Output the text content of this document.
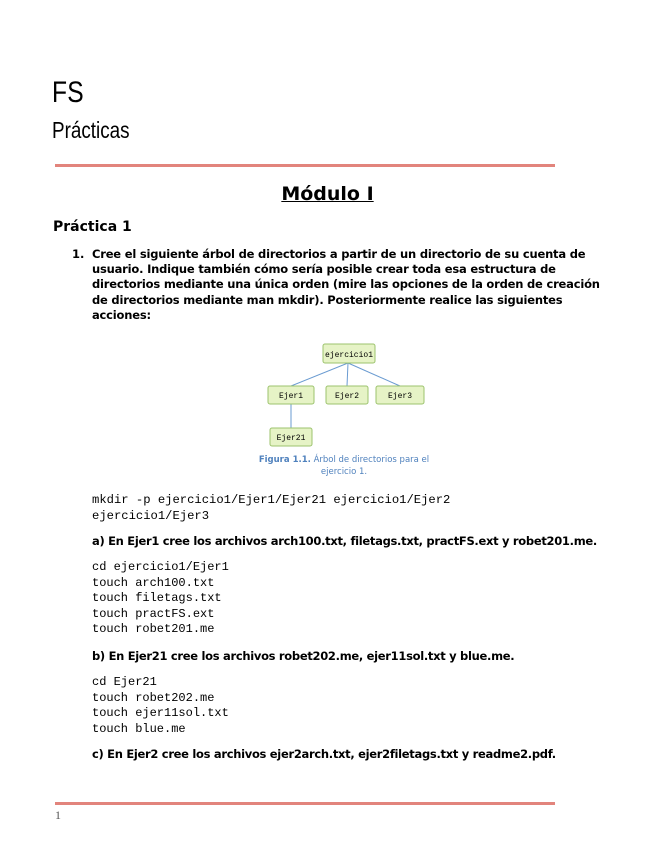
FS
Prácticas
Módulo I
Práctica 1
1. Cree el siguiente árbol de directorios a partir de un directorio de su cuenta de usuario. Indique también cómo sería posible crear toda esa estructura de directorios mediante una única orden (mire las opciones de la orden de creación de directorios mediante man mkdir). Posteriormente realice las siguientes acciones:
ejercicio1
Ejer1	Ejer2	Ejer3
Ejer21
Figura 1.1. Árbol de directorios para el ejercicio 1.
mkdir -p ejercicio1/Ejer1/Ejer21 ejercicio1/Ejer2
ejercicio1/Ejer3
a) En Ejer1 cree los archivos arch100.txt, filetags.txt, practFS.ext y robet201.me.
cd ejercicio1/Ejer1
touch arch100.txt
touch filetags.txt
touch practFS.ext
touch robet201.me
b) En Ejer21 cree los archivos robet202.me, ejer11sol.txt y blue.me.
cd Ejer21
touch robet202.me
touch ejer11sol.txt
touch blue.me
c) En Ejer2 cree los archivos ejer2arch.txt, ejer2filetags.txt y readme2.pdf.
1
